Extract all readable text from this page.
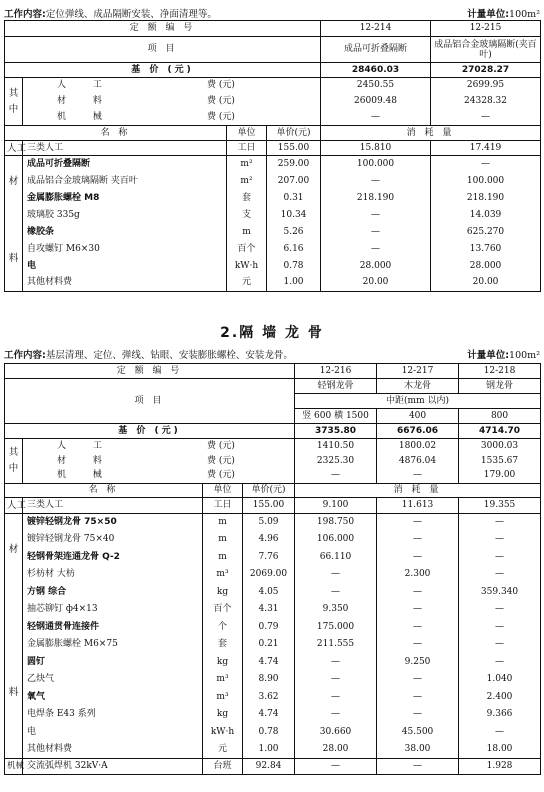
工作内容:定位弹线、成品隔断安装、净面清理等。	计量单位:100m²
定 额 编 号				12-214	12-215
项 目				成品可折叠隔断	成品铝合金玻璃隔断(夹百叶)
基 价 (元)				28460.03	27028.27
其
中	人 工 费 (元)			2450.55	2699.95
	材 料 费 (元)			26009.48	24328.32
	机 械 费 (元)			—	—
名 称		单位	单价(元)	消 耗 量	
人工	三类人工	工日	155.00	15.810	17.419
材

料	成品可折叠隔断	m²	259.00	100.000	—
	成品铝合金玻璃隔断 夹百叶	m²	207.00	—	100.000
	金属膨胀螺栓 M8	套	0.31	218.190	218.190
	玻璃胶 335g	支	10.34	—	14.039
	橡胶条	m	5.26	—	625.270
	自攻螺钉 M6×30	百个	6.16	—	13.760
	电	kW·h	0.78	28.000	28.000
	其他材料费	元	1.00	20.00	20.00
2.隔 墙 龙 骨
工作内容:基层清理、定位、弹线、钻眼、安装膨胀螺栓、安装龙骨。	计量单位:100m²
定 额 编 号				12-216	12-217	12-218
项 目				轻钢龙骨	木龙骨	钢龙骨
				中距(mm 以内)		
				竖 600 横 1500	400	800
基 价 (元)				3735.80	6676.06	4714.70
其
中	人 工 费 (元)			1410.50	1800.02	3000.03
	材 料 费 (元)			2325.30	4876.04	1535.67
	机 械 费 (元)			—	—	179.00
名 称		单位	单价(元)	消 耗 量		
人工	三类人工	工日	155.00	9.100	11.613	19.355
材

料	镀锌轻钢龙骨 75×50	m	5.09	198.750	—	—
	镀锌轻钢龙骨 75×40	m	4.96	106.000	—	—
	轻钢骨架连通龙骨 Q-2	m	7.76	66.110	—	—
	杉枋材 大枋	m³	2069.00	—	2.300	—
	方钢 综合	kg	4.05	—	—	359.340
	抽芯铆钉 ф4×13	百个	4.31	9.350	—	—
	轻钢通贯骨连接件	个	0.79	175.000	—	—
	金属膨胀螺栓 M6×75	套	0.21	211.555	—	—
	圆钉	kg	4.74	—	9.250	—
	乙炔气	m³	8.90	—	—	1.040
	氧气	m³	3.62	—	—	2.400
	电焊条 E43 系列	kg	4.74	—	—	9.366
	电	kW·h	0.78	30.660	45.500	—
	其他材料费	元	1.00	28.00	38.00	18.00
机械	交流弧焊机 32kV·A	台班	92.84	—	—	1.928
